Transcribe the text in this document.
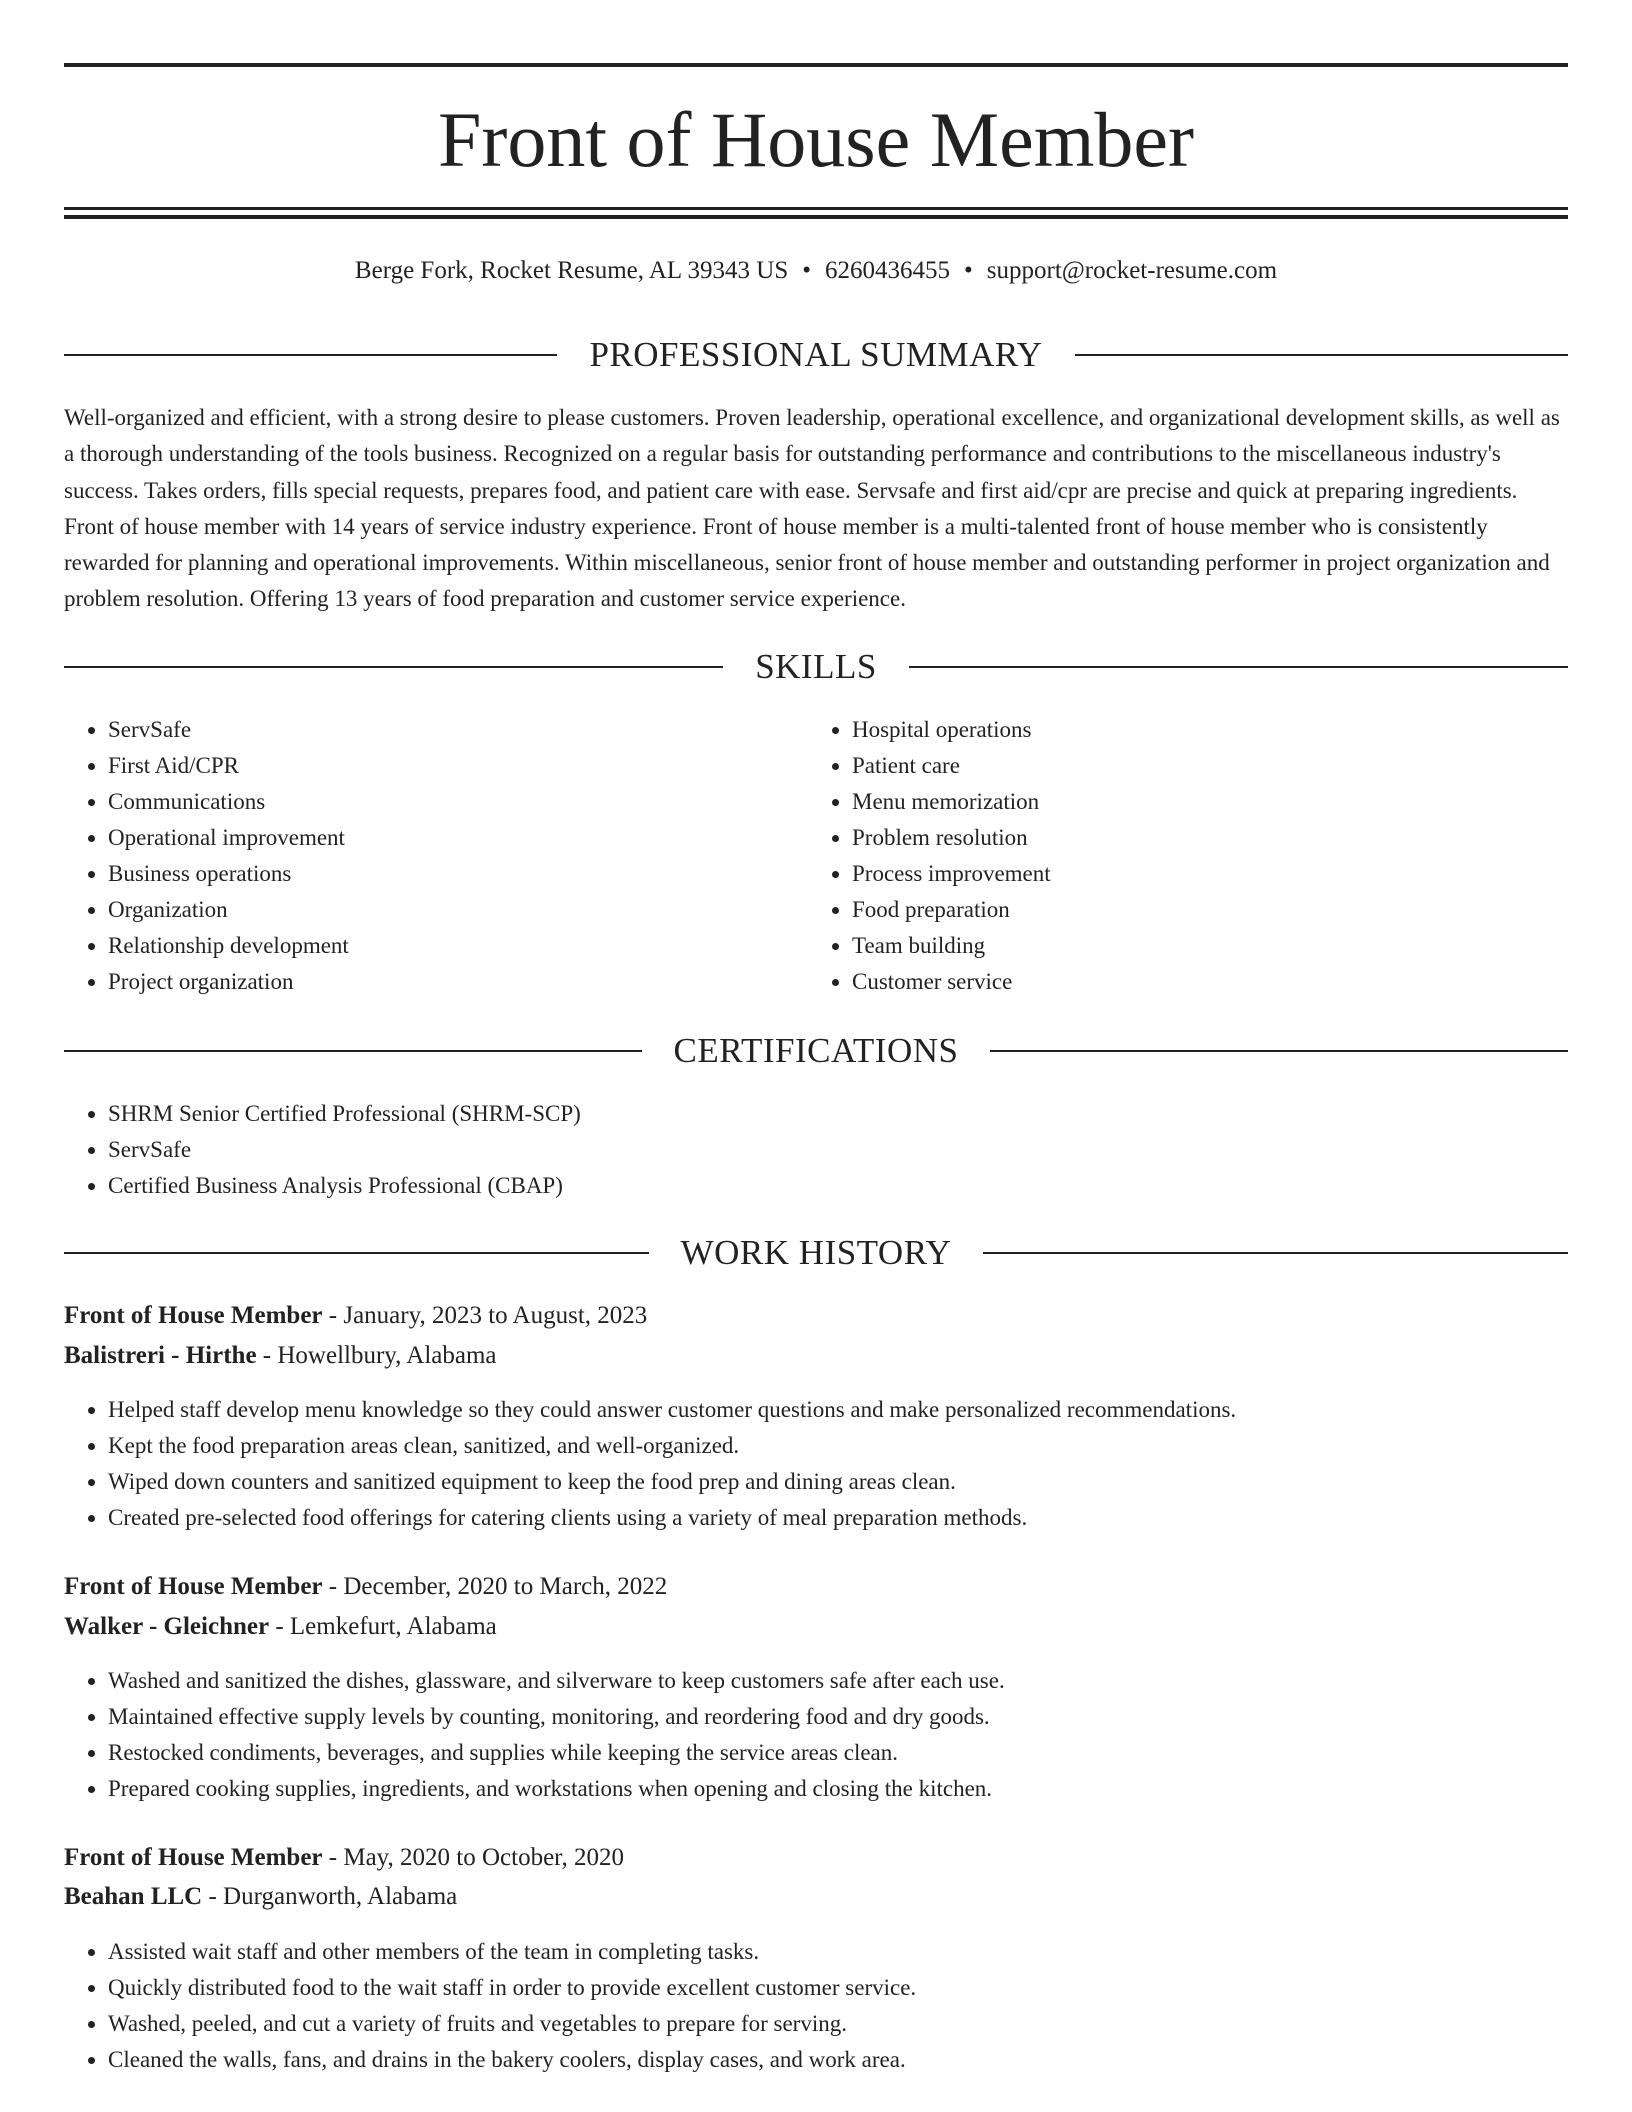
Front of House Member
Berge Fork, Rocket Resume, AL 39343 US • 6260436455 • support@rocket-resume.com
PROFESSIONAL SUMMARY

Well-organized and efficient, with a strong desire to please customers. Proven leadership, operational excellence, and organizational development skills, as well as a thorough understanding of the tools business. Recognized on a regular basis for outstanding performance and contributions to the miscellaneous industry's success. Takes orders, fills special requests, prepares food, and patient care with ease. Servsafe and first aid/cpr are precise and quick at preparing ingredients. Front of house member with 14 years of service industry experience. Front of house member is a multi-talented front of house member who is consistently rewarded for planning and operational improvements. Within miscellaneous, senior front of house member and outstanding performer in project organization and problem resolution. Offering 13 years of food preparation and customer service experience.

SKILLS
• ServSafe
• First Aid/CPR
• Communications
• Operational improvement
• Business operations
• Organization
• Relationship development
• Project organization
• Hospital operations
• Patient care
• Menu memorization
• Problem resolution
• Process improvement
• Food preparation
• Team building
• Customer service
CERTIFICATIONS
• SHRM Senior Certified Professional (SHRM-SCP)
• ServSafe
• Certified Business Analysis Professional (CBAP)
WORK HISTORY
Front of House Member - January, 2023 to August, 2023
Balistreri - Hirthe - Howellbury, Alabama
• Helped staff develop menu knowledge so they could answer customer questions and make personalized recommendations.
• Kept the food preparation areas clean, sanitized, and well-organized.
• Wiped down counters and sanitized equipment to keep the food prep and dining areas clean.
• Created pre-selected food offerings for catering clients using a variety of meal preparation methods.
Front of House Member - December, 2020 to March, 2022
Walker - Gleichner - Lemkefurt, Alabama
• Washed and sanitized the dishes, glassware, and silverware to keep customers safe after each use.
• Maintained effective supply levels by counting, monitoring, and reordering food and dry goods.
• Restocked condiments, beverages, and supplies while keeping the service areas clean.
• Prepared cooking supplies, ingredients, and workstations when opening and closing the kitchen.
Front of House Member - May, 2020 to October, 2020
Beahan LLC - Durganworth, Alabama
• Assisted wait staff and other members of the team in completing tasks.
• Quickly distributed food to the wait staff in order to provide excellent customer service.
• Washed, peeled, and cut a variety of fruits and vegetables to prepare for serving.
• Cleaned the walls, fans, and drains in the bakery coolers, display cases, and work area.
